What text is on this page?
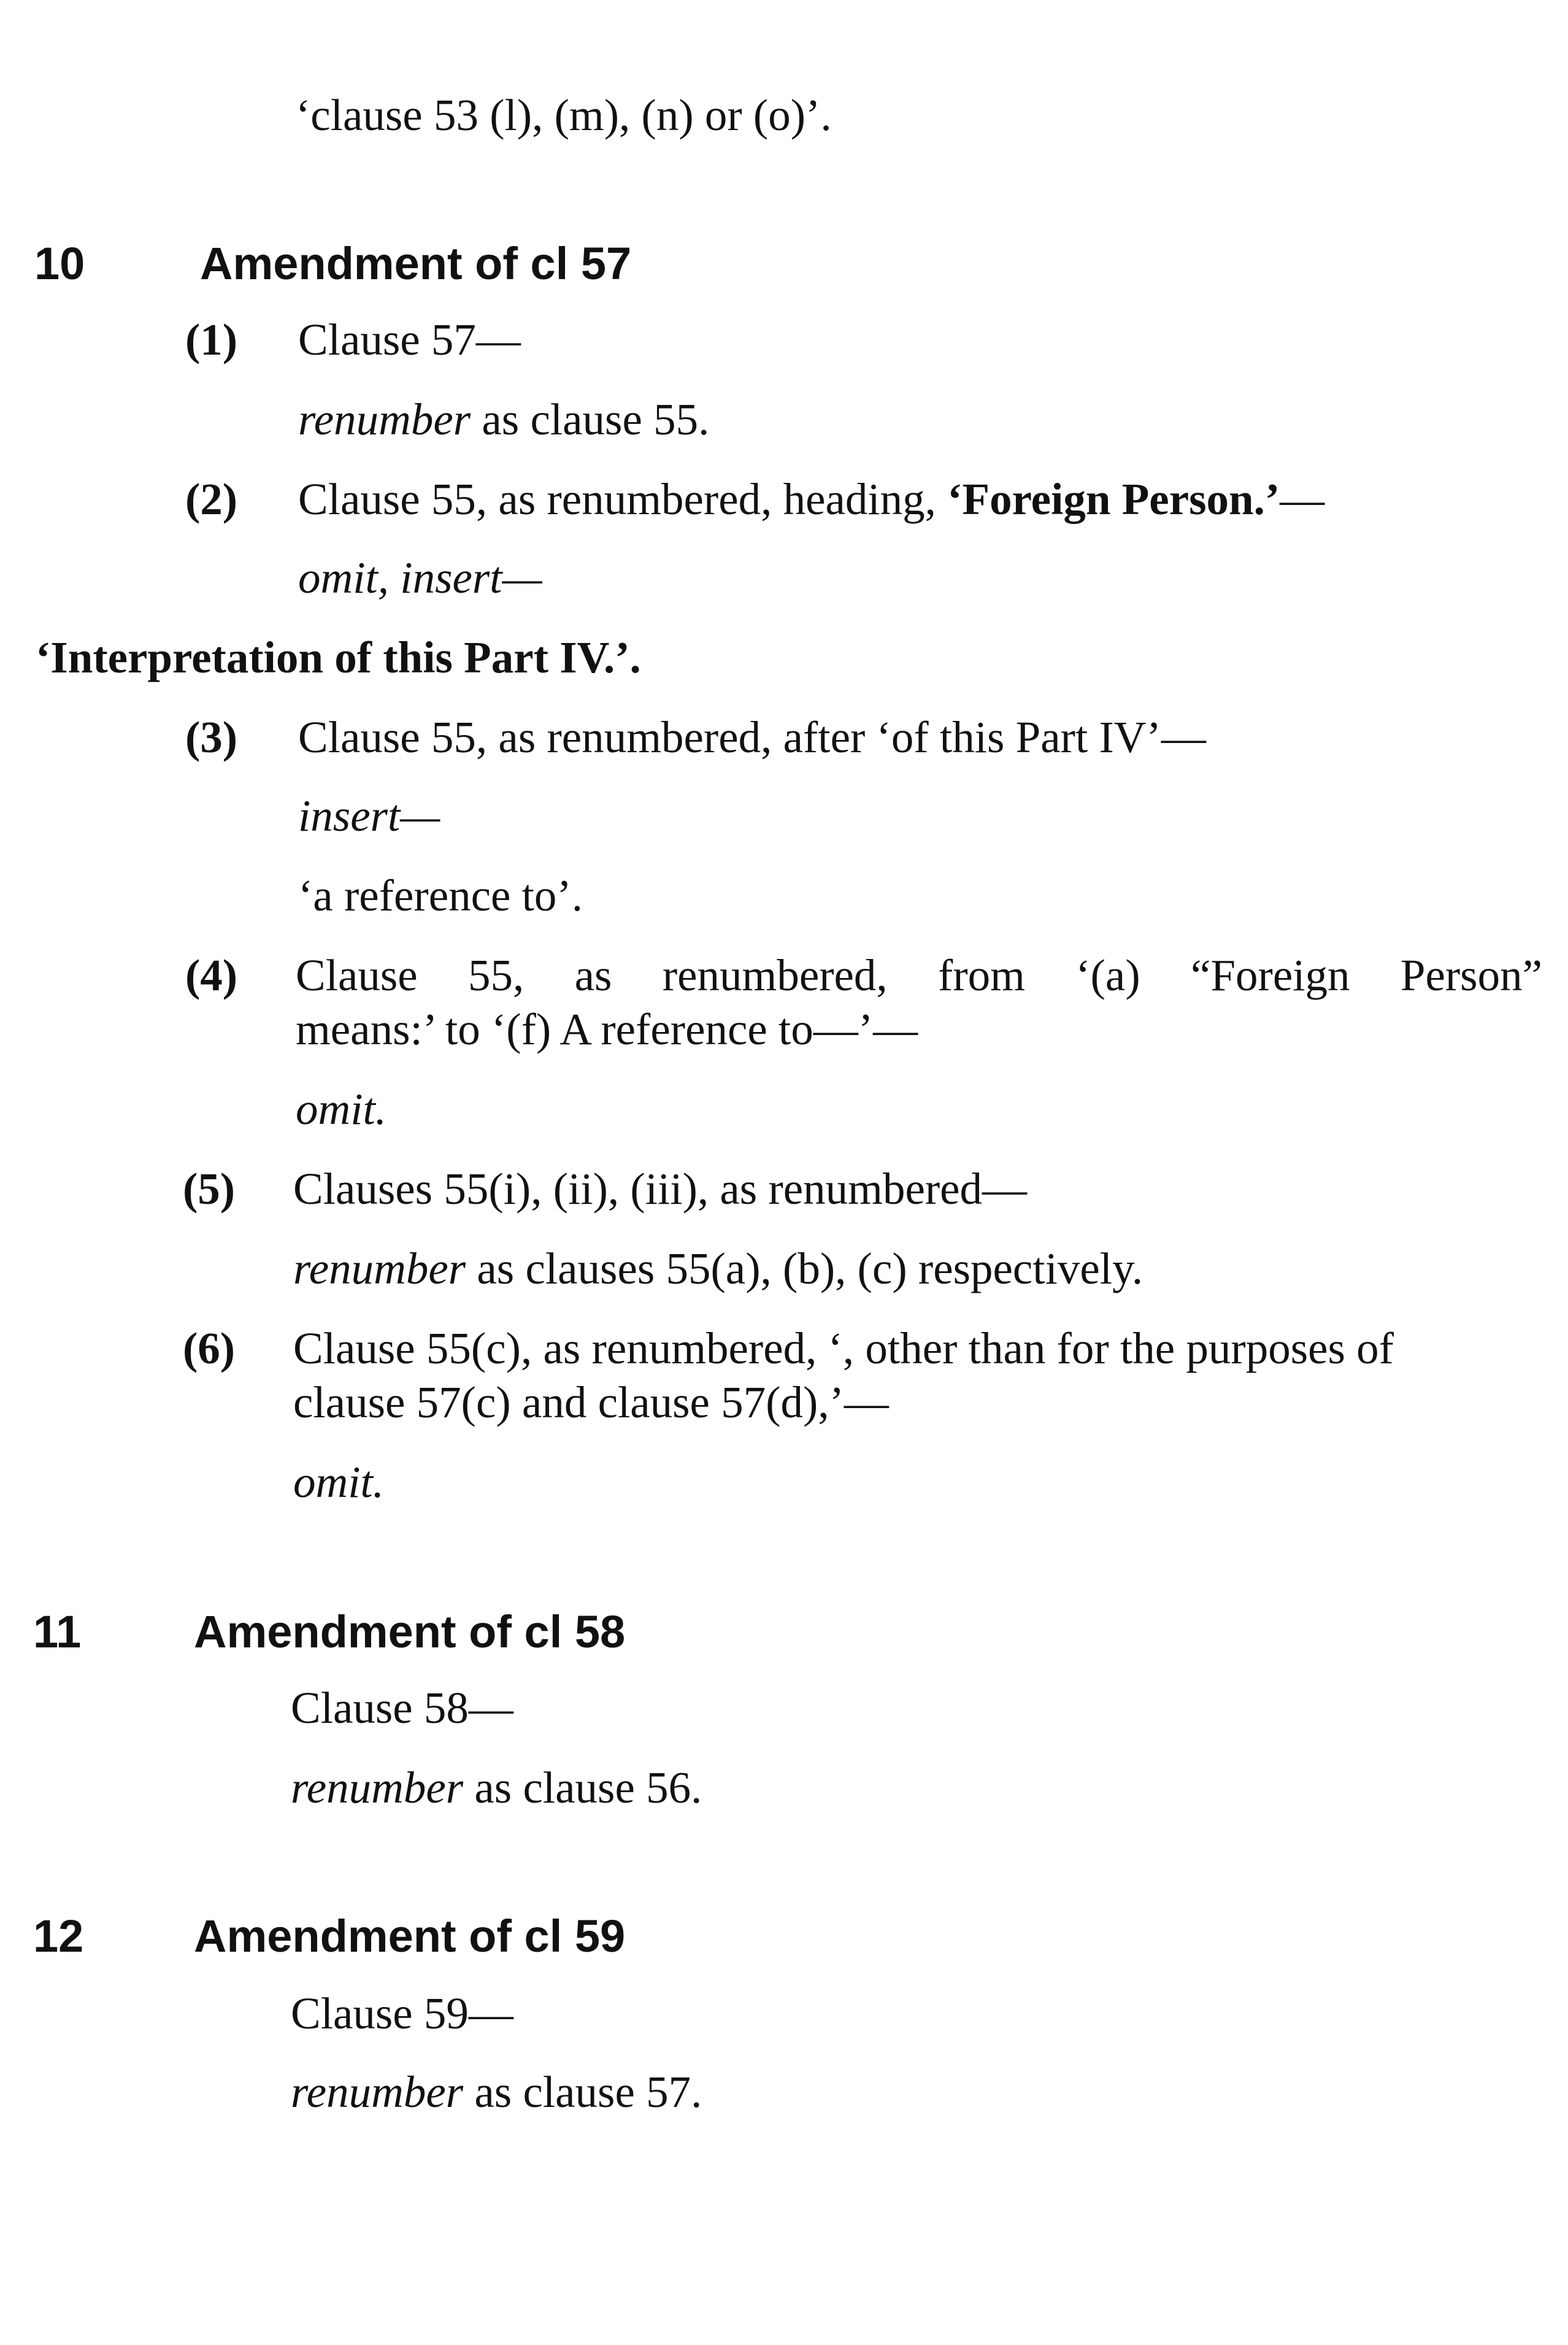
‘clause 53 (l), (m), (n) or (o)’.
10	Amendment of cl 57
(1) Clause 57—
renumber as clause 55.
(2) Clause 55, as renumbered, heading, ‘Foreign Person.’—
omit, insert—
‘Interpretation of this Part IV.’.
(3) Clause 55, as renumbered, after ‘of this Part IV’—
insert—
‘a reference to’.
(4) Clause 55, as renumbered, from ‘(a) “Foreign Person”
means:’ to ‘(f) A reference to—’—
omit.
(5) Clauses 55(i), (ii), (iii), as renumbered—
renumber as clauses 55(a), (b), (c) respectively.
(6) Clause 55(c), as renumbered, ‘, other than for the purposes of
clause 57(c) and clause 57(d),’—
omit.
11 Amendment of cl 58
Clause 58—
renumber as clause 56.
12 Amendment of cl 59
Clause 59—
renumber as clause 57.
